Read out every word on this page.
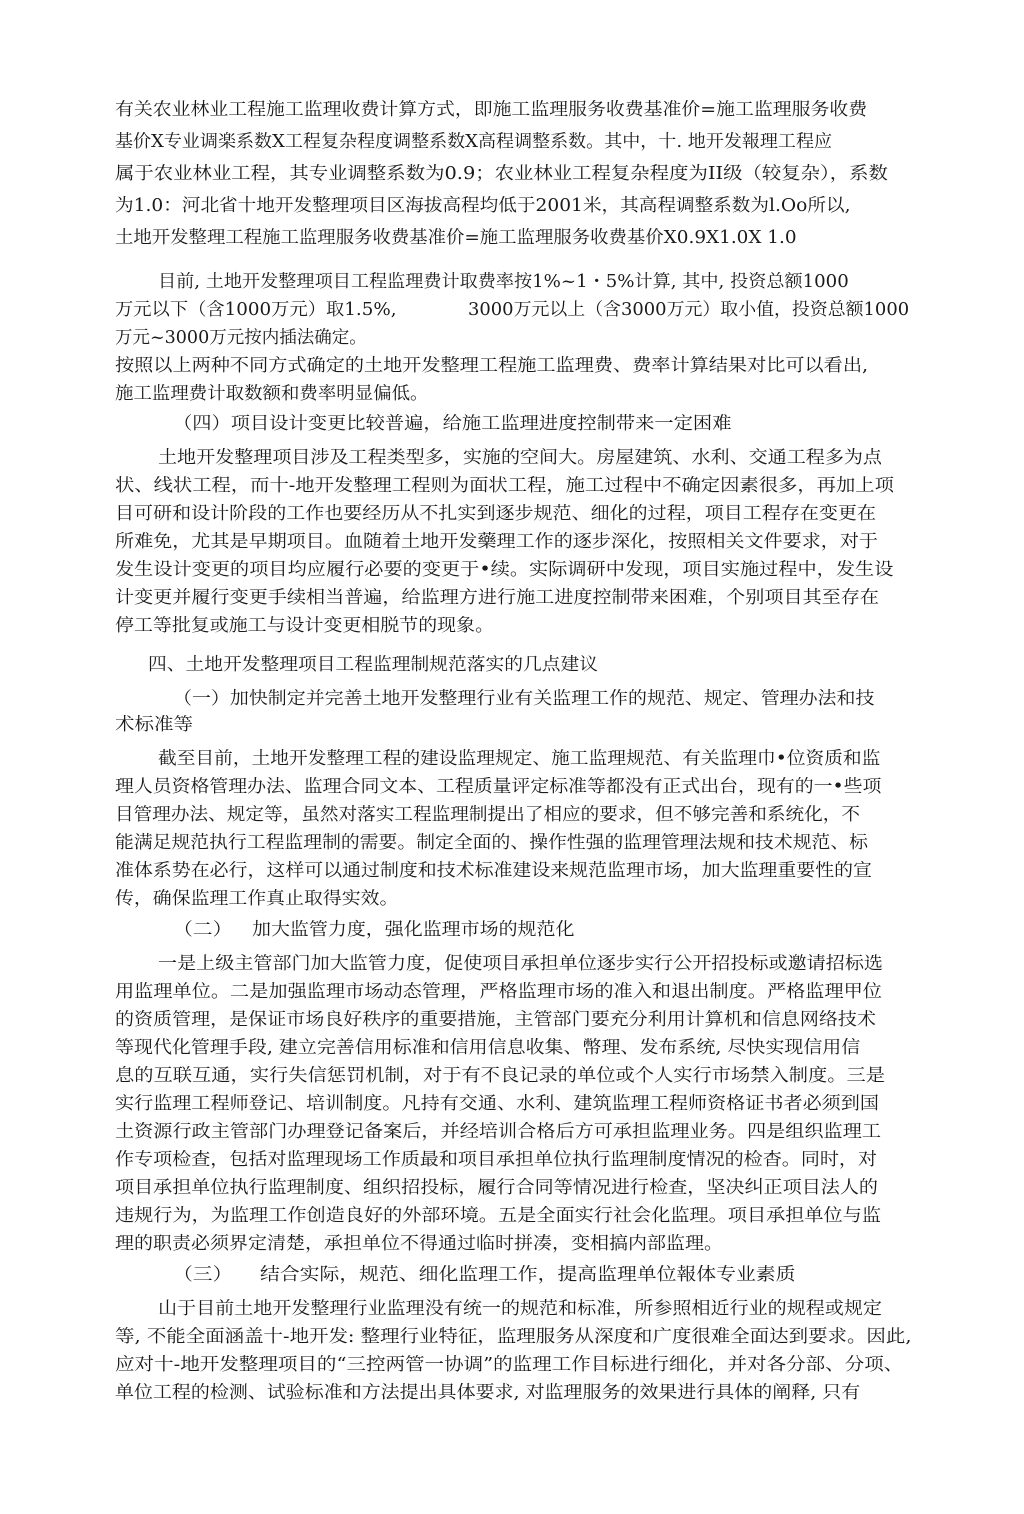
有关农业林业工程施工监理收费计算方式，即施工监理服务收费基准价=施工监理服务收费

基价X专业调楽系数X工程复杂程度调整系数X高程调整系数。其中，十. 地开发報理工程应

属于农业林业工程，其专业调整系数为0.9；农业林业工程复杂程度为II级（较复杂），系数

为1.0：河北省十地开发整理项目区海拔高程均低于2001米，其高程调整系数为l.Oo所以,

土地开发整理工程施工监理服务收费基准价=施工监理服务收费基价X0.9X1.0X 1.0

目前, 土地开发整理项目工程监理费计取费率按1%~1・5%计算, 其中, 投资总额1000

万元以下（含1000万元）取1.5%,	3000万元以上（含3000万元）取小值，投资总额1000

万元~3000万元按内插法确定。

按照以上两种不同方式确定的土地开发整理工程施工监理费、费率计算结果对比可以看出,

施工监理费计取数额和费率明显偏低。

（四）项目设计变更比较普遍，给施工监理进度控制带来一定困难

土地开发整理项目涉及工程类型多，实施的空间大。房屋建筑、水利、交通工程多为点

状、线状工程，而十-地开发整理工程则为面状工程，施工过程中不确定因素很多，再加上项

目可研和设计阶段的工作也要经历从不扎实到逐步规范、细化的过程，项目工程存在变更在

所难免，尤其是早期项目。血随着土地开发藥理工作的逐步深化，按照相关文件要求，对于

发生设计变更的项目均应履行必要的变更于•续。实际调研中发现，项目实施过程中，发生设

计变更并履行变更手续相当普遍，给监理方进行施工进度控制带来困难，个别项目其至存在

停工等批复或施工与设计变更相脱节的现象。

四、土地开发整理项目工程监理制规范落实的几点建议

（一）加快制定并完善土地开发整理行业有关监理工作的规范、规定、管理办法和技

术标准等

截至目前，土地开发整理工程的建设监理规定、施工监理规范、有关监理巾•位资质和监

理人员资格管理办法、监理合同文本、工程质量评定标准等都没有正式出台，现有的一•些项

目管理办法、规定等，虽然对落实工程监理制提出了相应的要求，但不够完善和系统化，不

能满足规范执行工程监理制的需要。制定全面的、操作性强的监理管理法规和技术规范、标

准体系势在必行，这样可以通过制度和技术标准建设来规范监理市场，加大监理重要性的宣

传，确保监理工作真止取得实效。

（二） 加大监管力度，强化监理市场的规范化

一是上级主管部门加大监管力度，促使项目承担单位逐步实行公开招投标或邀请招标选

用监理单位。二是加强监理市场动态管理，严格监理市场的准入和退出制度。严格监理甲位

的资质管理，是保证市场良好秩序的重要措施，主管部门要充分利用计算机和信息网络技术

等现代化管理手段, 建立完善信用标准和信用信息收集、幣理、发布系统, 尽快实现信用信

息的互联互通，实行失信惩罚机制，对于有不良记录的单位或个人实行市场禁入制度。三是

实行监理工程师登记、培训制度。凡持有交通、水利、建筑监理工程师资格证书者必须到国

土资源行政主管部门办理登记备案后，并经培训合格后方可承担监理业务。四是组织监理工

作专项检查，包括对监理现场工作质最和项目承担单位执行监理制度情况的检杳。同时，对

项目承担单位执行监理制度、组织招投标，履行合同等情况进行检查，坚决纠正项目法人的

违规行为，为监理工作创造良好的外部环境。五是全面实行社会化监理。项目承担单位与监

理的职责必须界定清楚，承担单位不得通过临时拼凑，变相搞内部监理。

（三） 结合实际，规范、细化监理工作，提高监理单位報体专业素质

山于目前土地开发整理行业监理没有统一的规范和标准，所参照相近行业的规程或规定

等, 不能全面涵盖十-地开发: 整理行业特征，监理服务从深度和广度很难全面达到要求。因此,

应对十-地开发整理项目的“三控两管一协调”的监理工作目标进行细化，并对各分部、分项、

单位工程的检测、试验标准和方法提出具体要求, 对监理服务的效果进行具体的阐释, 只有
